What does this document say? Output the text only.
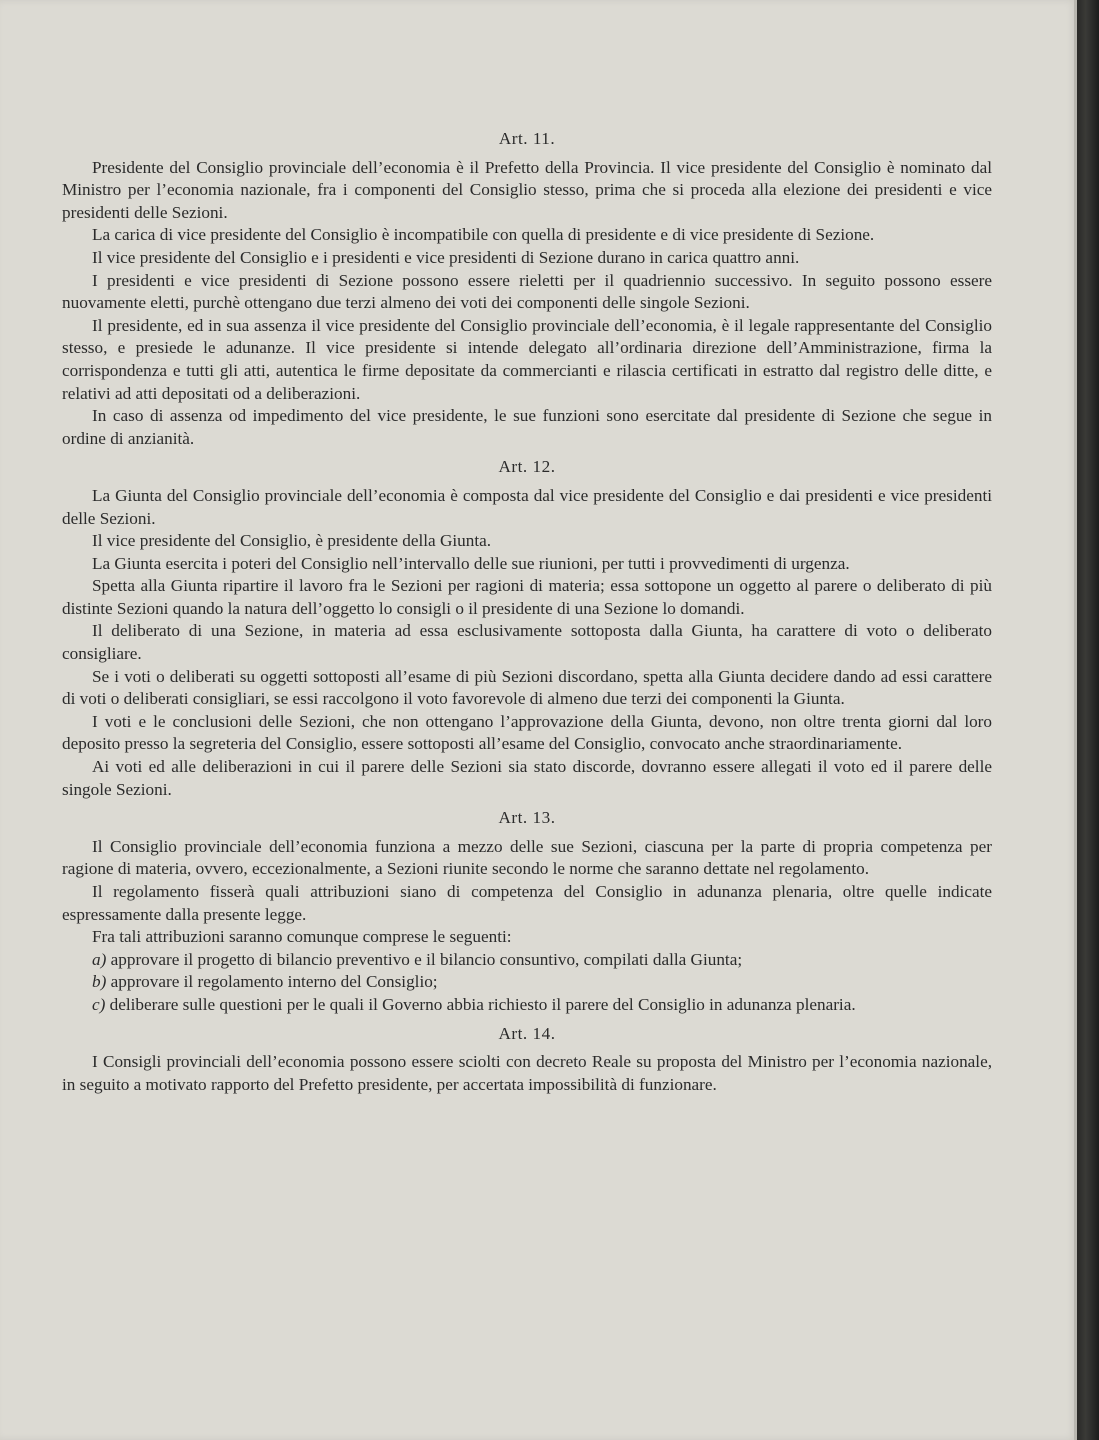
Art. 11.

Presidente del Consiglio provinciale dell’economia è il Prefetto della Provincia. Il vice presidente del Consiglio è nominato dal Ministro per l’economia nazionale, fra i componenti del Consiglio stesso, prima che si proceda alla elezione dei presidenti e vice presidenti delle Sezioni.

La carica di vice presidente del Consiglio è incompatibile con quella di presidente e di vice presidente di Sezione.

Il vice presidente del Consiglio e i presidenti e vice presidenti di Sezione durano in carica quattro anni.

I presidenti e vice presidenti di Sezione possono essere rieletti per il quadriennio successivo. In seguito possono essere nuovamente eletti, purchè ottengano due terzi almeno dei voti dei componenti delle singole Sezioni.

Il presidente, ed in sua assenza il vice presidente del Consiglio provinciale dell’economia, è il legale rappresentante del Consiglio stesso, e presiede le adunanze. Il vice presidente si intende delegato all’ordinaria direzione dell’Amministrazione, firma la corrispondenza e tutti gli atti, autentica le firme depositate da commercianti e rilascia certificati in estratto dal registro delle ditte, e relativi ad atti depositati od a deliberazioni.

In caso di assenza od impedimento del vice presidente, le sue funzioni sono esercitate dal presidente di Sezione che segue in ordine di anzianità.

Art. 12.

La Giunta del Consiglio provinciale dell’economia è composta dal vice presidente del Consiglio e dai presidenti e vice presidenti delle Sezioni.

Il vice presidente del Consiglio, è presidente della Giunta.

La Giunta esercita i poteri del Consiglio nell’intervallo delle sue riunioni, per tutti i provvedimenti di urgenza.

Spetta alla Giunta ripartire il lavoro fra le Sezioni per ragioni di materia; essa sottopone un oggetto al parere o deliberato di più distinte Sezioni quando la natura dell’oggetto lo consigli o il presidente di una Sezione lo domandi.

Il deliberato di una Sezione, in materia ad essa esclusivamente sottoposta dalla Giunta, ha carattere di voto o deliberato consigliare.

Se i voti o deliberati su oggetti sottoposti all’esame di più Sezioni discordano, spetta alla Giunta decidere dando ad essi carattere di voti o deliberati consigliari, se essi raccolgono il voto favorevole di almeno due terzi dei componenti la Giunta.

I voti e le conclusioni delle Sezioni, che non ottengano l’approvazione della Giunta, devono, non oltre trenta giorni dal loro deposito presso la segreteria del Consiglio, essere sottoposti all’esame del Consiglio, convocato anche straordinariamente.

Ai voti ed alle deliberazioni in cui il parere delle Sezioni sia stato discorde, dovranno essere allegati il voto ed il parere delle singole Sezioni.

Art. 13.

Il Consiglio provinciale dell’economia funziona a mezzo delle sue Sezioni, ciascuna per la parte di propria competenza per ragione di materia, ovvero, eccezionalmente, a Sezioni riunite secondo le norme che saranno dettate nel regolamento.

Il regolamento fisserà quali attribuzioni siano di competenza del Consiglio in adunanza plenaria, oltre quelle indicate espressamente dalla presente legge.

Fra tali attribuzioni saranno comunque comprese le seguenti:

a) approvare il progetto di bilancio preventivo e il bilancio consuntivo, compilati dalla Giunta;

b) approvare il regolamento interno del Consiglio;

c) deliberare sulle questioni per le quali il Governo abbia richiesto il parere del Consiglio in adunanza plenaria.

Art. 14.

I Consigli provinciali dell’economia possono essere sciolti con decreto Reale su proposta del Ministro per l’economia nazionale, in seguito a motivato rapporto del Prefetto presidente, per accertata impossibilità di funzionare.
